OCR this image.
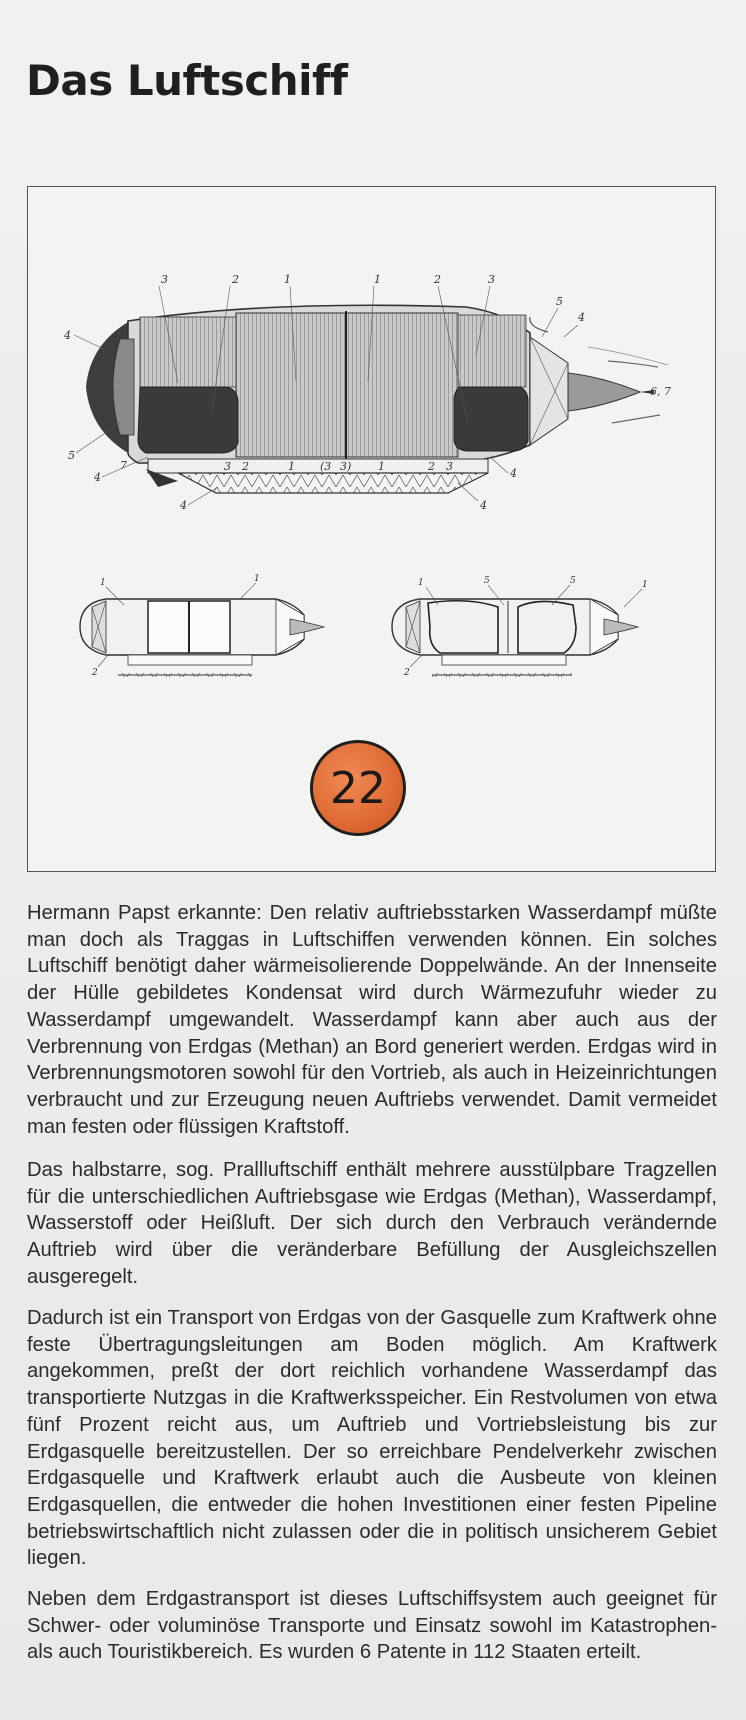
Das Luftschiff
3	2	1	1	2	3
5
4
4
5
4
7
4
3 2	1 (3 3) 1	2 3
4
4
6, 7
1	1
2
1	5	5	1
2
22

Hermann Papst erkannte: Den relativ auftriebsstarken Wasserdampf müßte man doch als Traggas in Luftschiffen verwenden können. Ein solches Luftschiff benötigt daher wärmeisolierende Doppelwände. An der Innenseite der Hülle gebildetes Kondensat wird durch Wärmezufuhr wieder zu Wasserdampf umgewandelt. Wasserdampf kann aber auch aus der Verbrennung von Erdgas (Methan) an Bord generiert werden. Erdgas wird in Verbrennungsmotoren sowohl für den Vortrieb, als auch in Heizeinrichtungen verbraucht und zur Erzeugung neuen Auftriebs verwendet. Damit vermeidet man festen oder flüssigen Kraftstoff.

Das halbstarre, sog. Prallluftschiff enthält mehrere ausstülpbare Tragzellen für die unterschiedlichen Auftriebsgase wie Erdgas (Methan), Wasserdampf, Wasserstoff oder Heißluft. Der sich durch den Verbrauch verändernde Auftrieb wird über die veränderbare Befüllung der Ausgleichszellen ausgeregelt.

Dadurch ist ein Transport von Erdgas von der Gasquelle zum Kraftwerk ohne feste Übertragungsleitungen am Boden möglich. Am Kraftwerk angekommen, preßt der dort reichlich vorhandene Wasserdampf das transportierte Nutzgas in die Kraftwerksspeicher. Ein Restvolumen von etwa fünf Prozent reicht aus, um Auftrieb und Vortriebsleistung bis zur Erdgasquelle bereitzustellen. Der so erreichbare Pendelverkehr zwischen Erdgasquelle und Kraftwerk erlaubt auch die Ausbeute von kleinen Erdgasquellen, die entweder die hohen Investitionen einer festen Pipeline betriebswirtschaftlich nicht zulassen oder die in politisch unsicherem Gebiet liegen.

Neben dem Erdgastransport ist dieses Luftschiffsystem auch geeignet für Schwer- oder voluminöse Transporte und Einsatz sowohl im Katastrophen- als auch Touristikbereich. Es wurden 6 Patente in 112 Staaten erteilt.
